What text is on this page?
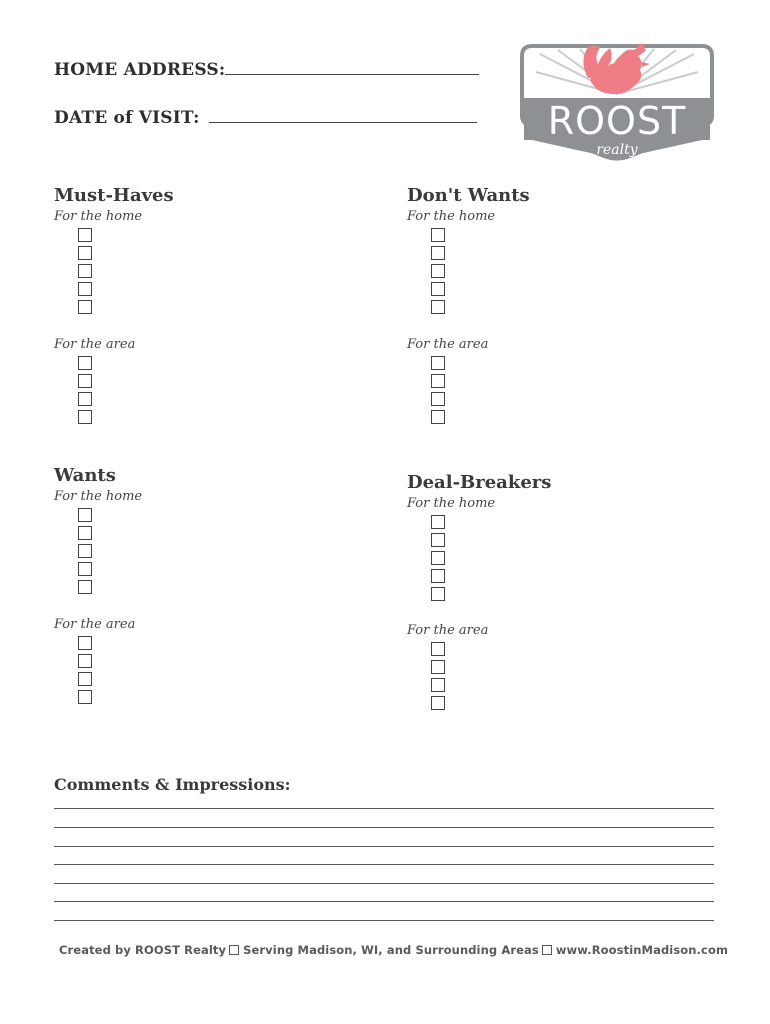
HOME ADDRESS:
DATE of VISIT:	ROOST
realty
Must-Haves
For the home
For the area
Don't Wants
For the home
For the area
Wants
For the home
For the area
Deal-Breakers
For the home
For the area
Comments & Impressions:
Created by ROOST Realty Serving Madison, WI, and Surrounding Areas www.RoostinMadison.com
